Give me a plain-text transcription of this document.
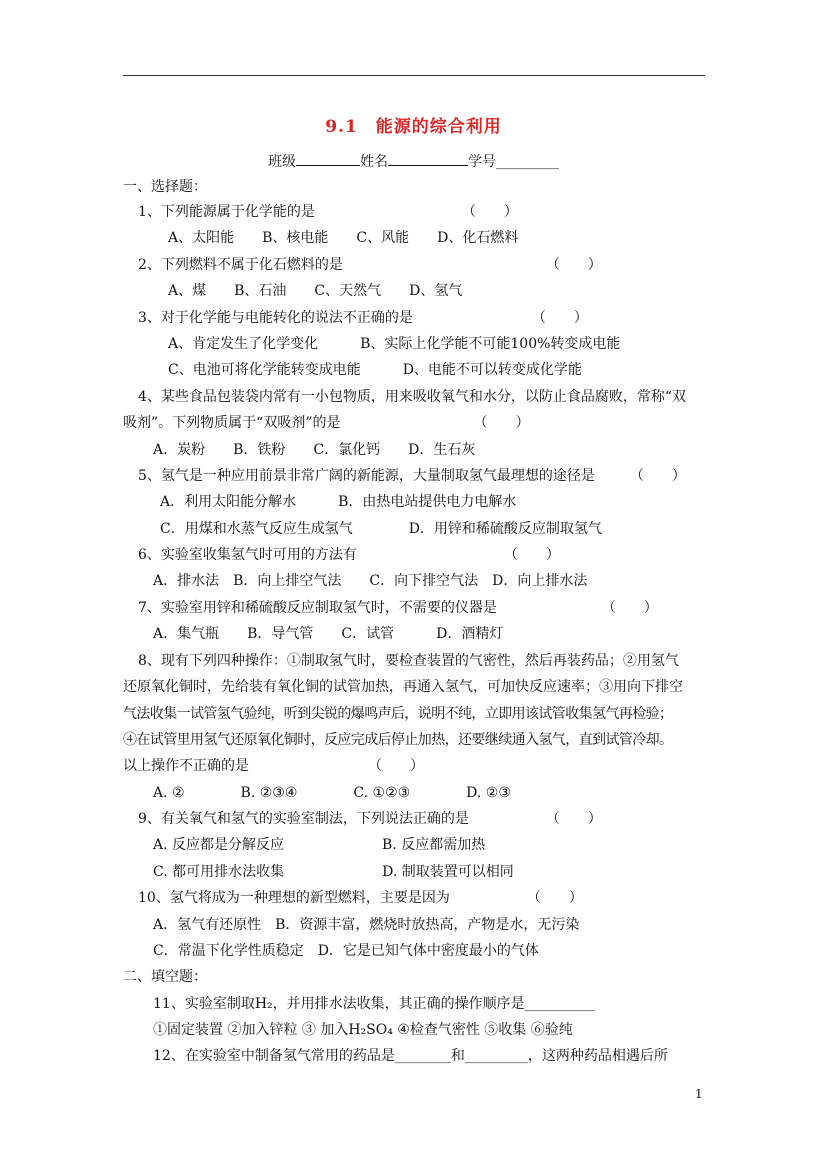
9.1　能源的综合利用
班级	姓名	学号_________
一、选择题：
1、下列能源属于化学能的是　　　　　　　　　　　（　　）
A、太阳能　　B、核电能　　C、风能　　D、化石燃料
2、下列燃料不属于化石燃料的是　　　　　　　　　　　　　　　（　　）
A、煤　　B、石油　　C、天然气　　D、氢气
3、对于化学能与电能转化的说法不正确的是　　　　　　　　　（　　）
A、肯定发生了化学变化　　　B、实际上化学能不可能100%转变成电能
C、电池可将化学能转变成电能　　　D、电能不可以转变成化学能
4、某些食品包装袋内常有一小包物质，用来吸收氧气和水分，以防止食品腐败，常称“双
吸剂”。下列物质属于“双吸剂”的是　　　　　　　　　　（　　）
A．炭粉　　B．铁粉　　C．氯化钙　　D．生石灰
5、氢气是一种应用前景非常广阔的新能源，大量制取氢气最理想的途径是　　　（　　）
A．利用太阳能分解水　　　B．由热电站提供电力电解水
C．用煤和水蒸气反应生成氢气　　　　D．用锌和稀硫酸反应制取氢气
6、实验室收集氢气时可用的方法有　　　　　　　　　　　（　　）
A．排水法　B．向上排空气法　　C．向下排空气法　D．向上排水法
7、实验室用锌和稀硫酸反应制取氢气时，不需要的仪器是　　　　　　　　（　　）
A．集气瓶　　B．导气管　　C．试管　　　D．酒精灯
8、现有下列四种操作：①制取氢气时，要检查装置的气密性，然后再装药品；②用氢气
还原氧化铜时，先给装有氧化铜的试管加热，再通入氢气，可加快反应速率；③用向下排空
气法收集一试管氢气验纯，听到尖锐的爆鸣声后，说明不纯，立即用该试管收集氢气再检验；
④在试管里用氢气还原氧化铜时，反应完成后停止加热，还要继续通入氢气，直到试管冷却。
以上操作不正确的是　　　　　　　　　（　　）
A. ②　　　　B. ②③④　　　　C. ①②③　　　　D. ②③
9、有关氧气和氢气的实验室制法，下列说法正确的是　　　　　　（　　）
A. 反应都是分解反应　　　　　　　B. 反应都需加热
C. 都可用排水法收集　　　　　　　D. 制取装置可以相同
10、氢气将成为一种理想的新型燃料，主要是因为　　　　　　（　　）
A．氢气有还原性　B．资源丰富，燃烧时放热高，产物是水，无污染
C．常温下化学性质稳定　D．它是已知气体中密度最小的气体
二、填空题：
11、实验室制取H₂，并用排水法收集，其正确的操作顺序是__________
①固定装置 ②加入锌粒 ③ 加入H₂SO₄ ④检查气密性 ⑤收集 ⑥验纯
12、在实验室中制备氢气常用的药品是________和_________，这两种药品相遇后所
1
